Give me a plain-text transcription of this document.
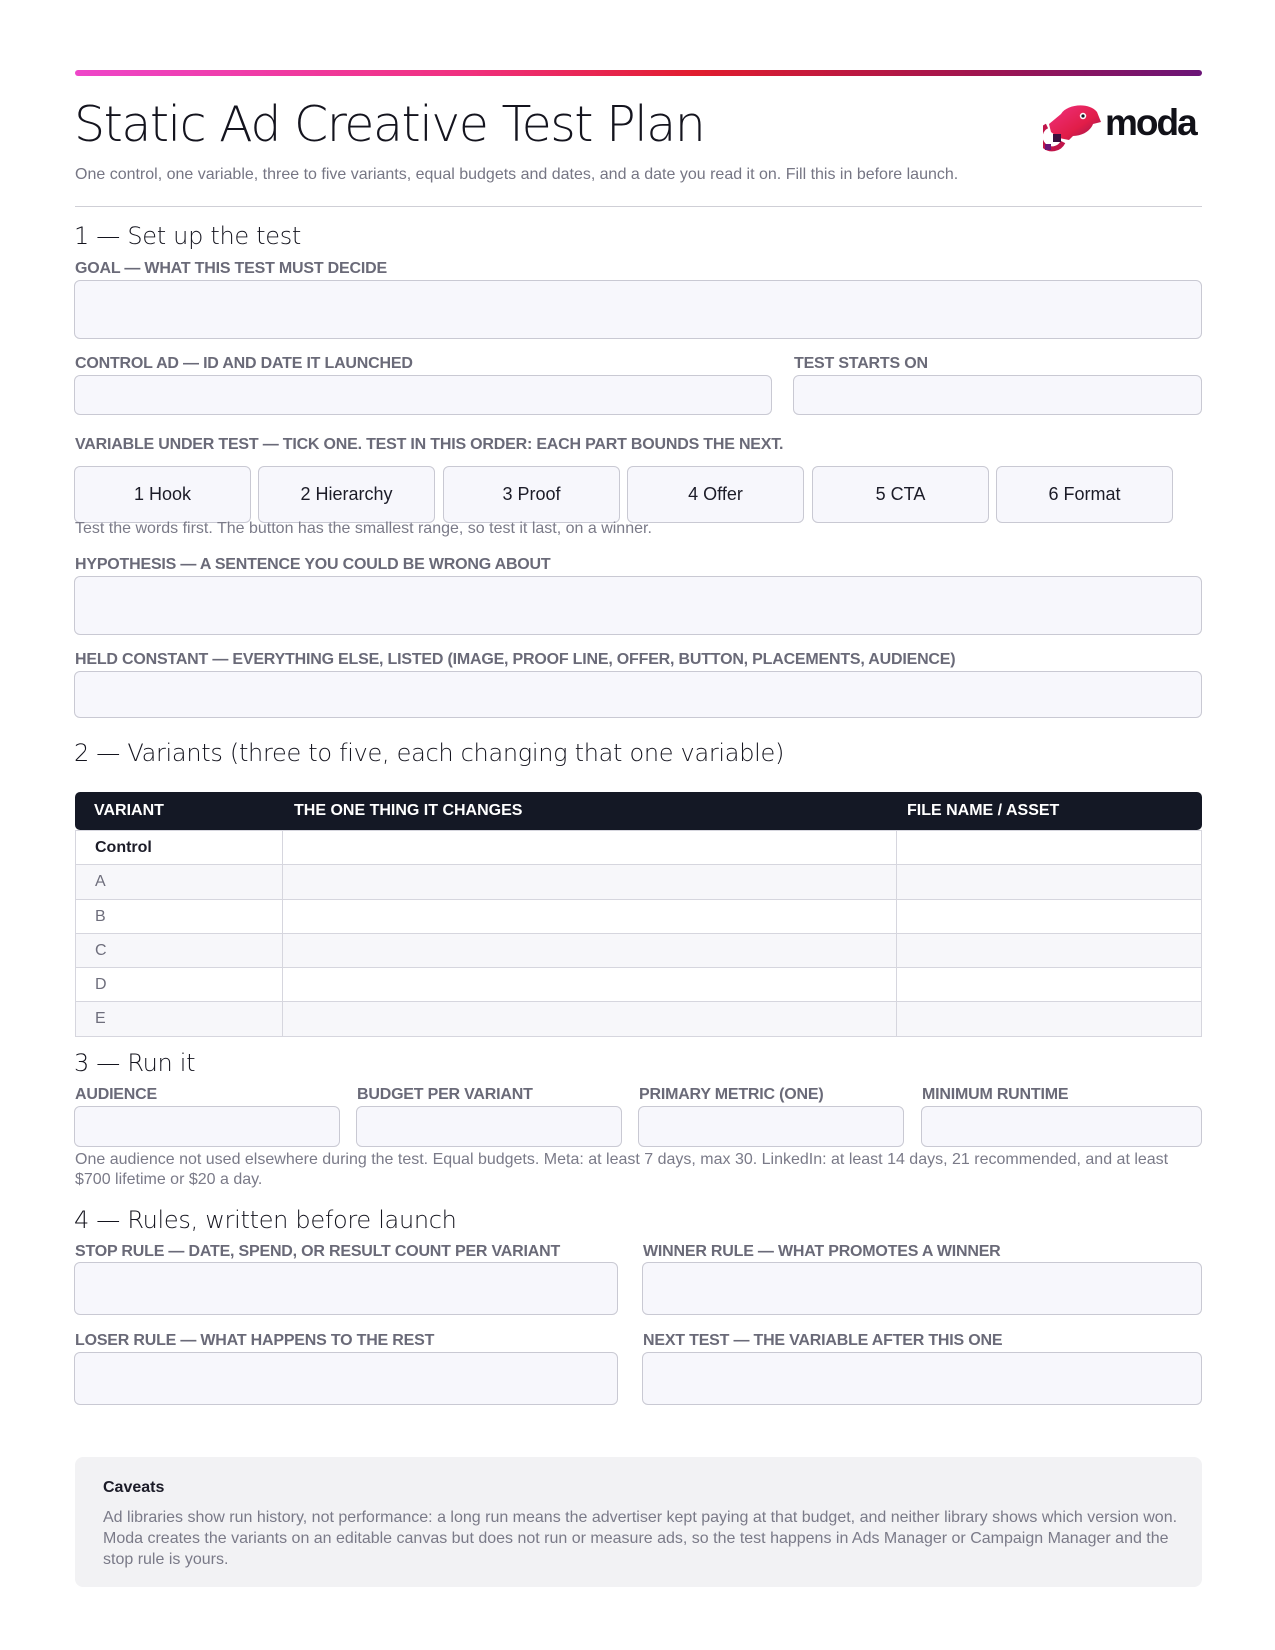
Static Ad Creative Test Plan
One control, one variable, three to five variants, equal budgets and dates, and a date you read it on. Fill this in before launch.
moda
1 — Set up the test
GOAL — WHAT THIS TEST MUST DECIDE
CONTROL AD — ID AND DATE IT LAUNCHED	TEST STARTS ON
VARIABLE UNDER TEST — TICK ONE. TEST IN THIS ORDER: EACH PART BOUNDS THE NEXT.
1 Hook	2 Hierarchy	3 Proof	4 Offer	5 CTA	6 Format
Test the words first. The button has the smallest range, so test it last, on a winner.
HYPOTHESIS — A SENTENCE YOU COULD BE WRONG ABOUT
HELD CONSTANT — EVERYTHING ELSE, LISTED (IMAGE, PROOF LINE, OFFER, BUTTON, PLACEMENTS, AUDIENCE)
2 — Variants (three to five, each changing that one variable)
VARIANT	THE ONE THING IT CHANGES	FILE NAME / ASSET
Control
A
B
C
D
E
3 — Run it
AUDIENCE	BUDGET PER VARIANT	PRIMARY METRIC (ONE)	MINIMUM RUNTIME
One audience not used elsewhere during the test. Equal budgets. Meta: at least 7 days, max 30. LinkedIn: at least 14 days, 21 recommended, and at least $700 lifetime or $20 a day.
4 — Rules, written before launch
STOP RULE — DATE, SPEND, OR RESULT COUNT PER VARIANT	WINNER RULE — WHAT PROMOTES A WINNER
LOSER RULE — WHAT HAPPENS TO THE REST	NEXT TEST — THE VARIABLE AFTER THIS ONE
Caveats
Ad libraries show run history, not performance: a long run means the advertiser kept paying at that budget, and neither library shows which version won. Moda creates the variants on an editable canvas but does not run or measure ads, so the test happens in Ads Manager or Campaign Manager and the stop rule is yours.
